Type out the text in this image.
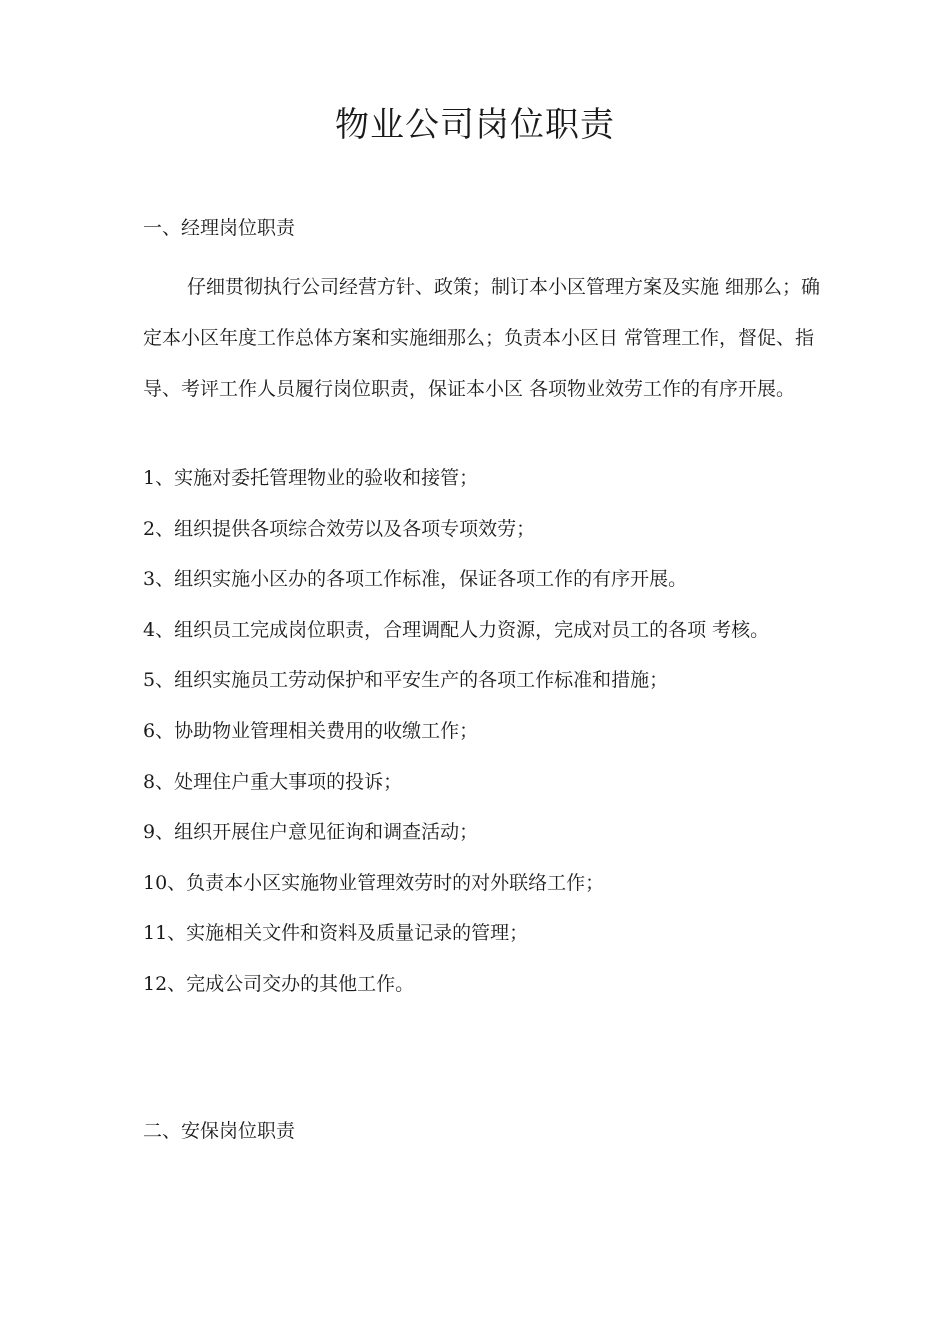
物业公司岗位职责
一、经理岗位职责

仔细贯彻执行公司经营方针、政策；制订本小区管理方案及实施 细那么；确定本小区年度工作总体方案和实施细那么；负责本小区日 常管理工作，督促、指导、考评工作人员履行岗位职责，保证本小区 各项物业效劳工作的有序开展。

1、实施对委托管理物业的验收和接管；
2、组织提供各项综合效劳以及各项专项效劳；
3、组织实施小区办的各项工作标准，保证各项工作的有序开展。
4、组织员工完成岗位职责，合理调配人力资源，完成对员工的各项 考核。
5、组织实施员工劳动保护和平安生产的各项工作标准和措施；
6、协助物业管理相关费用的收缴工作；
8、处理住户重大事项的投诉；
9、组织开展住户意见征询和调查活动；
10、负责本小区实施物业管理效劳时的对外联络工作；
11、实施相关文件和资料及质量记录的管理；
12、完成公司交办的其他工作。
二、安保岗位职责
